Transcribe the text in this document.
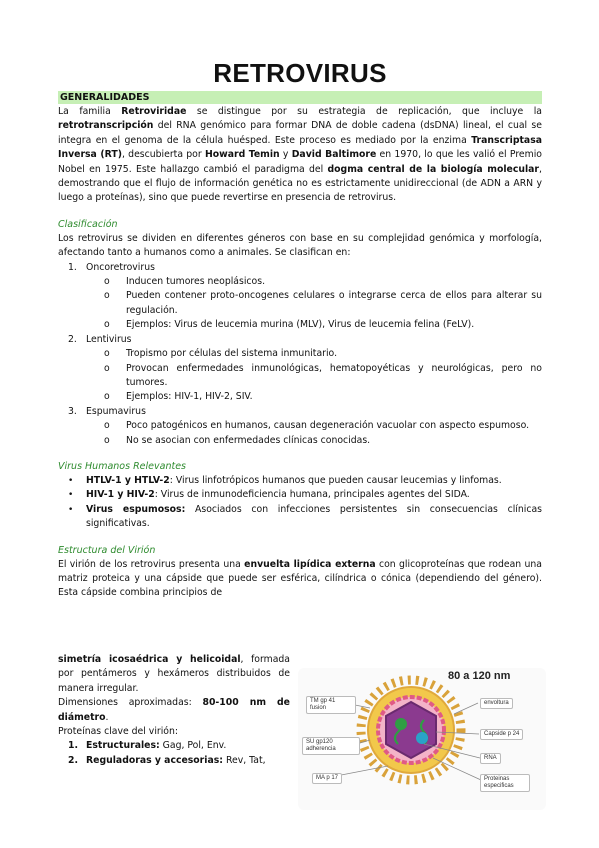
RETROVIRUS
GENERALIDADES

La familia Retroviridae se distingue por su estrategia de replicación, que incluye la retrotranscripción del RNA genómico para formar DNA de doble cadena (dsDNA) lineal, el cual se integra en el genoma de la célula huésped. Este proceso es mediado por la enzima Transcriptasa Inversa (RT), descubierta por Howard Temin y David Baltimore en 1970, lo que les valió el Premio Nobel en 1975. Este hallazgo cambió el paradigma del dogma central de la biología molecular, demostrando que el flujo de información genética no es estrictamente unidireccional (de ADN a ARN y luego a proteínas), sino que puede revertirse en presencia de retrovirus.

Clasificación

Los retrovirus se dividen en diferentes géneros con base en su complejidad genómica y morfología, afectando tanto a humanos como a animales. Se clasifican en:

1. Oncoretrovirus
o Inducen tumores neoplásicos.
o Pueden contener proto-oncogenes celulares o integrarse cerca de ellos para alterar su regulación.
o Ejemplos: Virus de leucemia murina (MLV), Virus de leucemia felina (FeLV).
2. Lentivirus
o Tropismo por células del sistema inmunitario.
o Provocan enfermedades inmunológicas, hematopoyéticas y neurológicas, pero no tumores.
o Ejemplos: HIV-1, HIV-2, SIV.
3. Espumavirus
o Poco patogénicos en humanos, causan degeneración vacuolar con aspecto espumoso.
o No se asocian con enfermedades clínicas conocidas.
Virus Humanos Relevantes
• HTLV-1 y HTLV-2: Virus linfotrópicos humanos que pueden causar leucemias y linfomas.
• HIV-1 y HIV-2: Virus de inmunodeficiencia humana, principales agentes del SIDA.
• Virus espumosos: Asociados con infecciones persistentes sin consecuencias clínicas significativas.
Estructura del Virión

El virión de los retrovirus presenta una envuelta lipídica externa con glicoproteínas que rodean una matriz proteica y una cápside que puede ser esférica, cilíndrica o cónica (dependiendo del género). Esta cápside combina principios de

simetría icosaédrica y helicoidal, formada por pentámeros y hexámeros distribuidos de manera irregular.

Dimensiones aproximadas: 80-100 nm de diámetro.

Proteínas clave del virión:

1. Estructurales: Gag, Pol, Env.
2. Reguladoras y accesorias: Rev, Tat,
80 a 120 nm
TM gp 41 fusion
SU gp120 adherencia
MA p 17
envoltura
Capside p 24
RNA
Proteinas especificas
